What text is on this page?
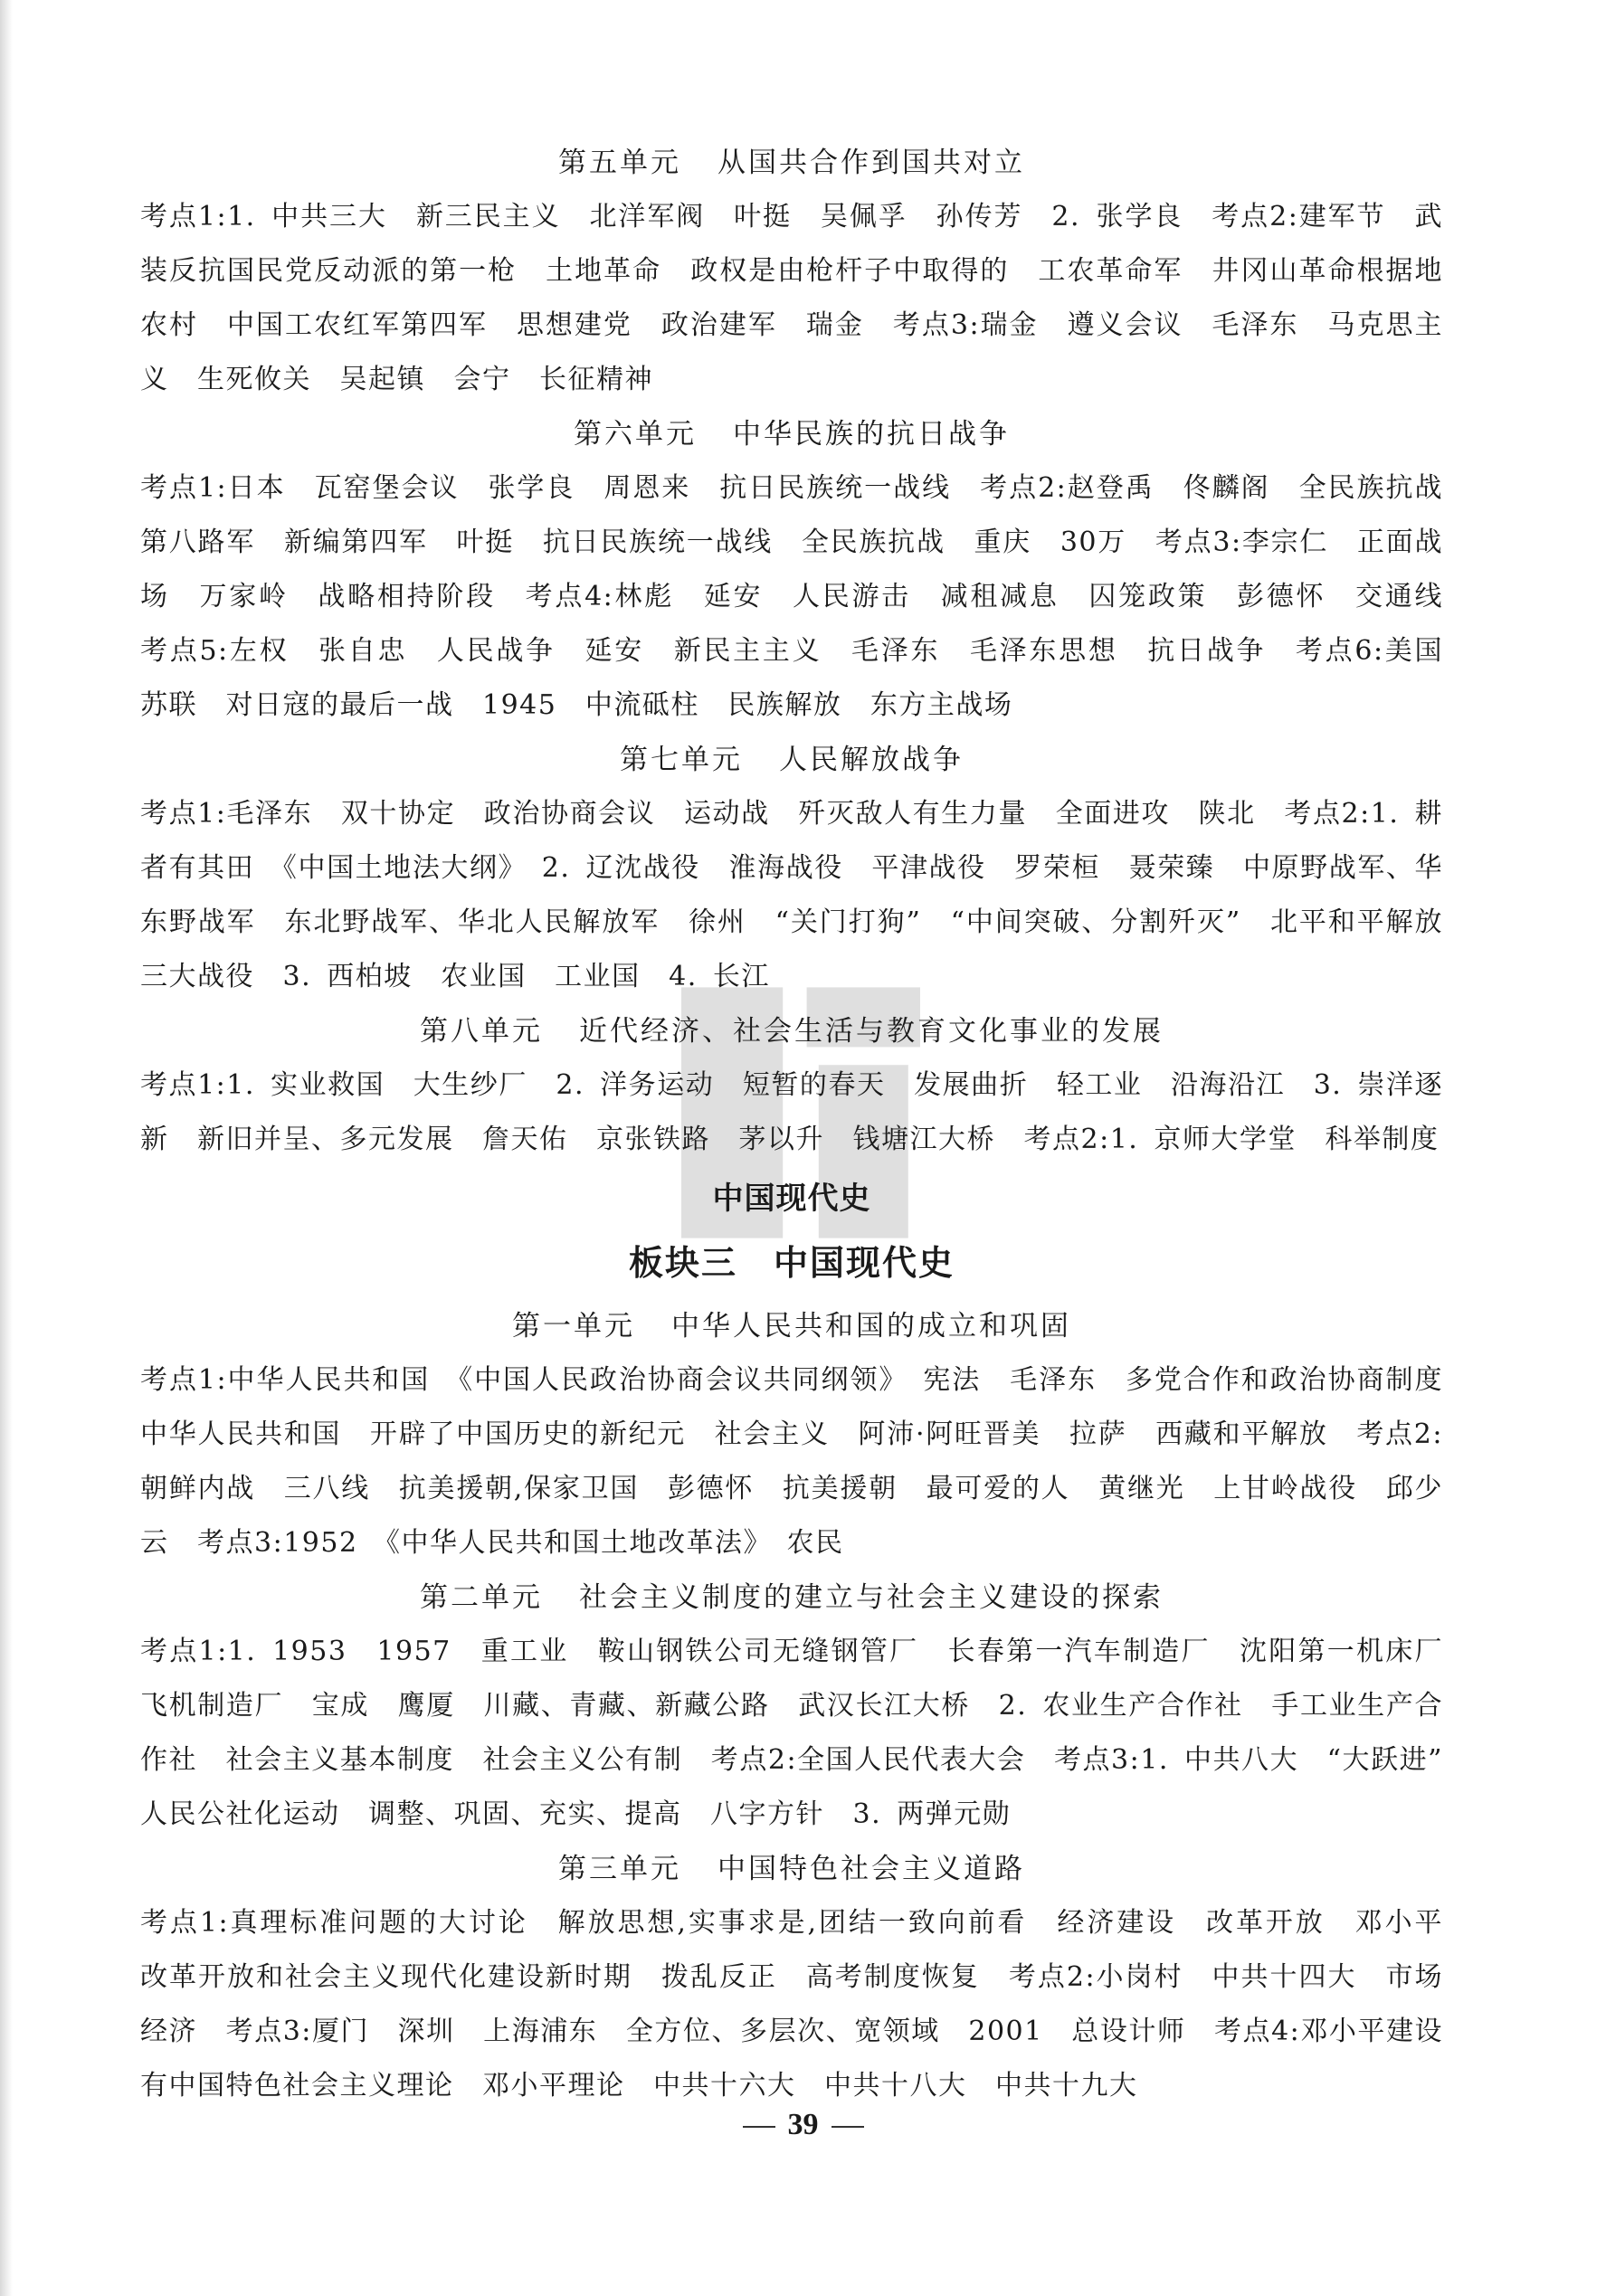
第五单元 从国共合作到国共对立
考点1:1. 中共三大　新三民主义　北洋军阀　叶挺　吴佩孚　孙传芳　2. 张学良　考点2:建军节　武装反抗国民党反动派的第一枪　土地革命　政权是由枪杆子中取得的　工农革命军　井冈山革命根据地　农村　中国工农红军第四军　思想建党　政治建军　瑞金　考点3:瑞金　遵义会议　毛泽东　马克思主义　生死攸关　吴起镇　会宁　长征精神
第六单元 中华民族的抗日战争
考点1:日本　瓦窑堡会议　张学良　周恩来　抗日民族统一战线　考点2:赵登禹　佟麟阁　全民族抗战　第八路军　新编第四军　叶挺　抗日民族统一战线　全民族抗战　重庆　30万　考点3:李宗仁　正面战场　万家岭　战略相持阶段　考点4:林彪　延安　人民游击　减租减息　囚笼政策　彭德怀　交通线　考点5:左权　张自忠　人民战争　延安　新民主主义　毛泽东　毛泽东思想　抗日战争　考点6:美国　苏联　对日寇的最后一战　1945　中流砥柱　民族解放　东方主战场
第七单元 人民解放战争
考点1:毛泽东　双十协定　政治协商会议　运动战　歼灭敌人有生力量　全面进攻　陕北　考点2:1. 耕者有其田　《中国土地法大纲》　2. 辽沈战役　淮海战役　平津战役　罗荣桓　聂荣臻　中原野战军、华东野战军　东北野战军、华北人民解放军　徐州　“关门打狗”　“中间突破、分割歼灭”　北平和平解放　三大战役　3. 西柏坡　农业国　工业国　4. 长江
第八单元 近代经济、社会生活与教育文化事业的发展
考点1:1. 实业救国　大生纱厂　2. 洋务运动　短暂的春天　发展曲折　轻工业　沿海沿江　3. 崇洋逐新　新旧并呈、多元发展　詹天佑　京张铁路　茅以升　钱塘江大桥　考点2:1. 京师大学堂　科举制度
中国现代史
板块三　中国现代史
第一单元 中华人民共和国的成立和巩固
考点1:中华人民共和国　《中国人民政治协商会议共同纲领》　宪法　毛泽东　多党合作和政治协商制度　中华人民共和国　开辟了中国历史的新纪元　社会主义　阿沛·阿旺晋美　拉萨　西藏和平解放　考点2:朝鲜内战　三八线　抗美援朝,保家卫国　彭德怀　抗美援朝　最可爱的人　黄继光　上甘岭战役　邱少云　考点3:1952　《中华人民共和国土地改革法》　农民
第二单元 社会主义制度的建立与社会主义建设的探索
考点1:1. 1953　1957　重工业　鞍山钢铁公司无缝钢管厂　长春第一汽车制造厂　沈阳第一机床厂　飞机制造厂　宝成　鹰厦　川藏、青藏、新藏公路　武汉长江大桥　2. 农业生产合作社　手工业生产合作社　社会主义基本制度　社会主义公有制　考点2:全国人民代表大会　考点3:1. 中共八大　“大跃进”　人民公社化运动　调整、巩固、充实、提高　八字方针　3. 两弹元勋
第三单元 中国特色社会主义道路
考点1:真理标准问题的大讨论　解放思想,实事求是,团结一致向前看　经济建设　改革开放　邓小平　改革开放和社会主义现代化建设新时期　拨乱反正　高考制度恢复　考点2:小岗村　中共十四大　市场经济　考点3:厦门　深圳　上海浦东　全方位、多层次、宽领域　2001　总设计师　考点4:邓小平建设有中国特色社会主义理论　邓小平理论　中共十六大　中共十八大　中共十九大
39
